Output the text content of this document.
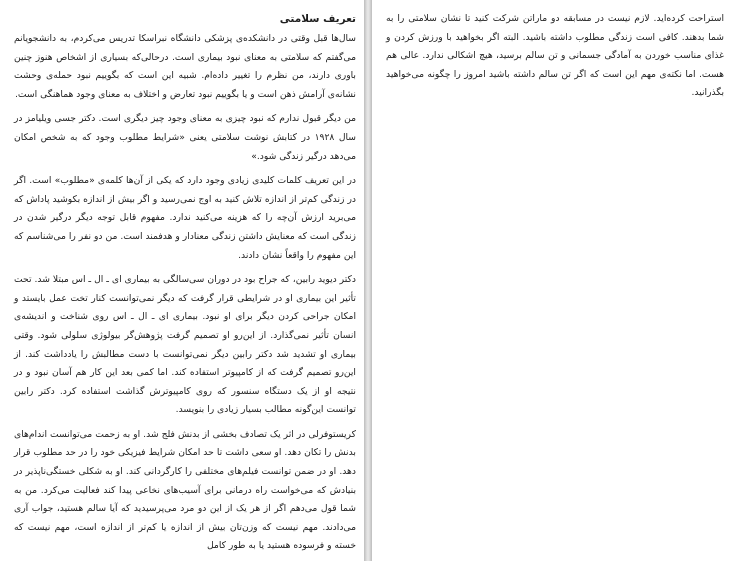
تعریف سلامتی

سال‌ها قبل وقتی در دانشکده‌ی پزشکی دانشگاه نبراسکا تدریس می‌کردم، به دانشجویانم می‌گفتم که سلامتی به معنای نبود بیماری است. درحالی‌که بسیاری از اشخاص هنوز چنین باوری دارند، من نظرم را تغییر داده‌ام. شبیه این است که بگوییم نبود حمله‌ی وحشت نشانه‌ی آرامش ذهن است و یا بگوییم نبود تعارض و اختلاف به معنای وجود هماهنگی است.

من دیگر قبول ندارم که نبود چیزی به معنای وجود چیز دیگری است. دکتر جسی ویلیامز در سال ۱۹۲۸ در کتابش نوشت سلامتی یعنی «شرایط مطلوب وجود که به شخص امکان می‌دهد درگیر زندگی شود.»

در این تعریف کلمات کلیدی زیادی وجود دارد که یکی از آن‌ها کلمه‌ی «مطلوب» است. اگر در زندگی کم‌تر از اندازه تلاش کنید به اوج نمی‌رسید و اگر بیش از اندازه بکوشید پاداش که می‌برید ارزش آن‌چه را که هزینه می‌کنید ندارد. مفهوم قابل توجه دیگر درگیر شدن در زندگی است که معنایش داشتن زندگی معنادار و هدفمند است. من دو نفر را می‌شناسم که این مفهوم را واقعاً نشان دادند.

دکتر دیوید رابین، که جراح بود در دوران سی‌سالگی به بیماری ای ـ ال ـ اس مبتلا شد. تحت تأثیر این بیماری او در شرایطی قرار گرفت که دیگر نمی‌توانست کنار تخت عمل بایستد و امکان جراحی کردن دیگر برای او نبود. بیماری ای ـ ال ـ اس روی شناخت و اندیشه‌ی انسان تأثیر نمی‌گذارد. از این‌رو او تصمیم گرفت پژوهش‌گر بیولوژی سلولی شود. وقتی بیماری او تشدید شد دکتر رابین دیگر نمی‌توانست با دست مطالبش را یادداشت کند. از این‌رو تصمیم گرفت که از کامپیوتر استفاده کند. اما کمی بعد این کار هم آسان نبود و در نتیجه او از یک دستگاه سنسور که روی کامپیوترش گذاشت استفاده کرد. دکتر رابین توانست این‌گونه مطالب بسیار زیادی را بنویسد.

کریستوفرلی در اثر یک تصادف بخشی از بدنش فلج شد. او به زحمت می‌توانست اندام‌های بدنش را تکان دهد. او سعی داشت تا حد امکان شرایط فیزیکی خود را در حد مطلوب قرار دهد. او در ضمن توانست فیلم‌های مختلفی را کارگردانی کند. او به شکلی خستگی‌ناپذیر در بنیادش که می‌خواست راه درمانی برای آسیب‌های نخاعی پیدا کند فعالیت می‌کرد. من به شما قول می‌دهم اگر از هر یک از این دو مرد می‌پرسیدید که آیا سالم هستید، جواب آری می‌دادند. مهم نیست که وزن‌تان بیش از اندازه یا کم‌تر از اندازه است، مهم نیست که خسته و فرسوده هستید یا به طور کامل

استراحت کرده‌اید. لازم نیست در مسابقه دو ماراتن شرکت کنید تا نشان سلامتی را به شما بدهند. کافی است زندگی مطلوب داشته باشید. البته اگر بخواهید با ورزش کردن و غذای مناسب خوردن به آمادگی جسمانی و تن سالم برسید، هیچ اشکالی ندارد. عالی هم هست. اما نکته‌ی مهم این است که اگر تن سالم داشته باشید امروز را چگونه می‌خواهید بگذرانید.
